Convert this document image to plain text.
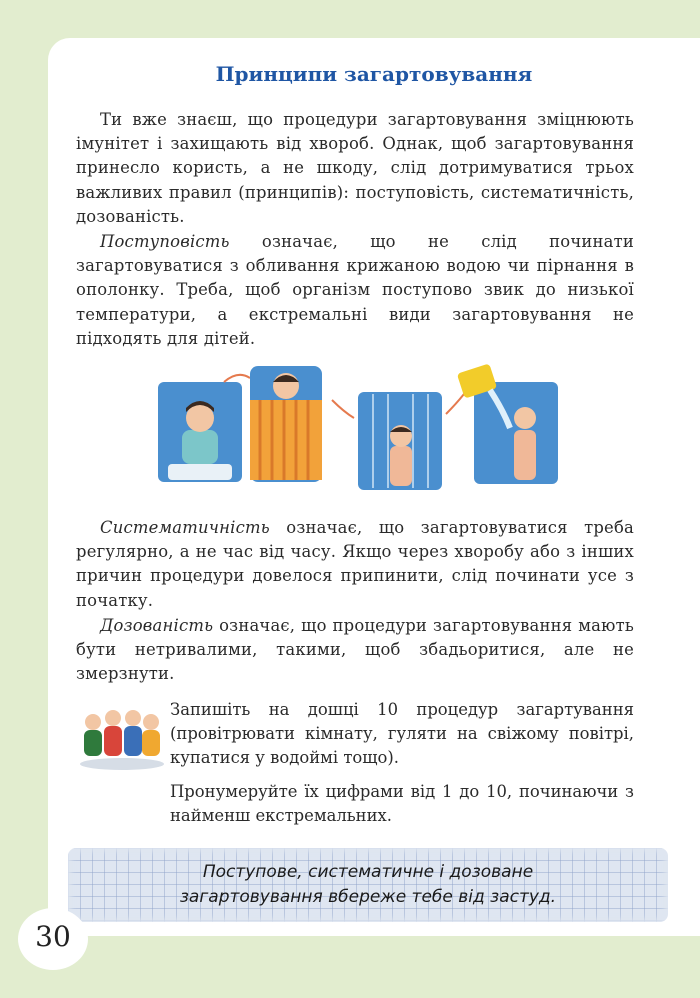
Принципи загартовування

Ти вже знаєш, що процедури загартовування зміцнюють імунітет і захищають від хвороб. Однак, щоб загартовування принесло користь, а не шкоду, слід дотримуватися трьох важливих правил (принципів): поступовість, систематичність, дозованість.

Поступовість означає, що не слід починати загартовуватися з обливання крижаною водою чи пірнання в ополонку. Треба, щоб організм поступово звик до низької температури, а екстремальні види загартовування не підходять для дітей.

Систематичність означає, що загартовуватися треба регулярно, а не час від часу. Якщо через хворобу або з інших причин процедури довелося припинити, слід починати усе з початку.

Дозованість означає, що процедури загартовування мають бути нетривалими, такими, щоб збадьоритися, але не змерзнути.

Запишіть на дошці 10 процедур загартування (провітрювати кімнату, гуляти на свіжому повітрі, купатися у водоймі тощо).

Пронумеруйте їх цифрами від 1 до 10, починаючи з найменш екстремальних.

Поступове, систематичне і дозоване
загартовування вбереже тебе від застуд.

30
